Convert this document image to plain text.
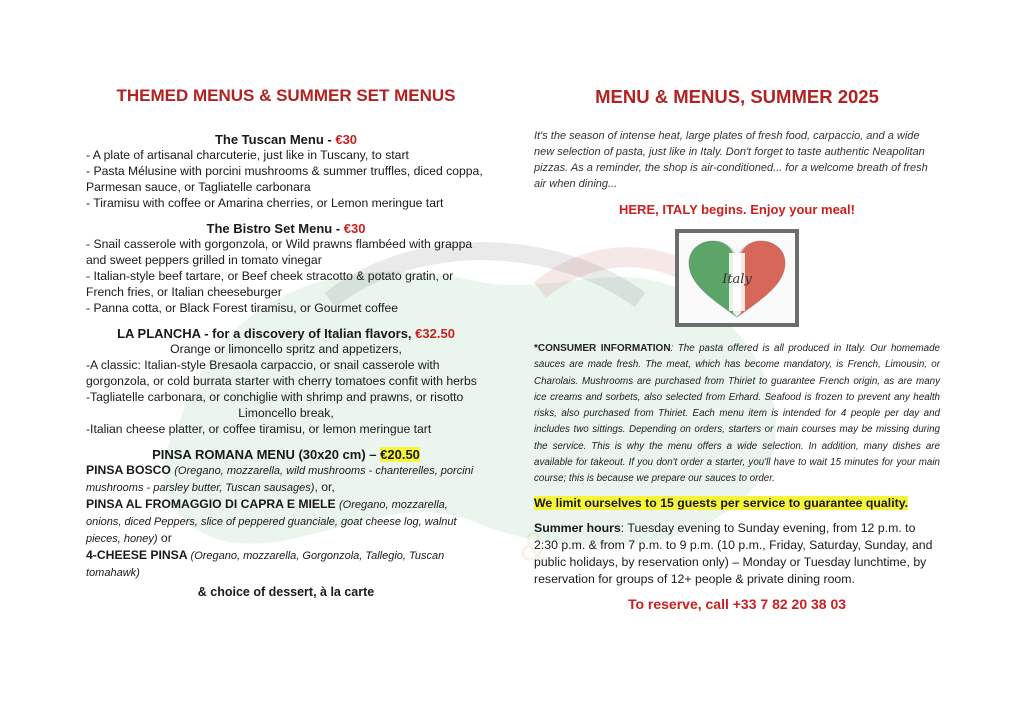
&
THEMED MENUS & SUMMER SET MENUS

The Tuscan Menu - €30

- A plate of artisanal charcuterie, just like in Tuscany, to start

- Pasta Mélusine with porcini mushrooms & summer truffles, diced coppa, Parmesan sauce, or Tagliatelle carbonara

- Tiramisu with coffee or Amarina cherries, or Lemon meringue tart

The Bistro Set Menu - €30

- Snail casserole with gorgonzola, or Wild prawns flambéed with grappa and sweet peppers grilled in tomato vinegar

- Italian-style beef tartare, or Beef cheek stracotto & potato gratin, or French fries, or Italian cheeseburger

- Panna cotta, or Black Forest tiramisu, or Gourmet coffee

LA PLANCHA - for a discovery of Italian flavors, €32.50

Orange or limoncello spritz and appetizers,

-A classic: Italian-style Bresaola carpaccio, or snail casserole with gorgonzola, or cold burrata starter with cherry tomatoes confit with herbs

-Tagliatelle carbonara, or conchiglie with shrimp and prawns, or risotto

Limoncello break,

-Italian cheese platter, or coffee tiramisu, or lemon meringue tart

PINSA ROMANA MENU (30x20 cm) – €20.50

PINSA BOSCO (Oregano, mozzarella, wild mushrooms - chanterelles, porcini mushrooms - parsley butter, Tuscan sausages), or,

PINSA AL FROMAGGIO DI CAPRA E MIELE (Oregano, mozzarella, onions, diced Peppers, slice of peppered guanciale, goat cheese log, walnut pieces, honey) or

4-CHEESE PINSA (Oregano, mozzarella, Gorgonzola, Tallegio, Tuscan tomahawk)

& choice of dessert, à la carte

MENU & MENUS, SUMMER 2025

It's the season of intense heat, large plates of fresh food, carpaccio, and a wide new selection of pasta, just like in Italy. Don't forget to taste authentic Neapolitan pizzas. As a reminder, the shop is air-conditioned... for a welcome breath of fresh air when dining...

HERE, ITALY begins. Enjoy your meal!

Italy

*CONSUMER INFORMATION: The pasta offered is all produced in Italy. Our homemade sauces are made fresh. The meat, which has become mandatory, is French, Limousin, or Charolais. Mushrooms are purchased from Thiriet to guarantee French origin, as are many ice creams and sorbets, also selected from Erhard. Seafood is frozen to prevent any health risks, also purchased from Thiriet. Each menu item is intended for 4 people per day and includes two sittings. Depending on orders, starters or main courses may be missing during the service. This is why the menu offers a wide selection. In addition, many dishes are available for takeout. If you don't order a starter, you'll have to wait 15 minutes for your main course; this is because we prepare our sauces to order.

We limit ourselves to 15 guests per service to guarantee quality.

Summer hours: Tuesday evening to Sunday evening, from 12 p.m. to 2:30 p.m. & from 7 p.m. to 9 p.m. (10 p.m., Friday, Saturday, Sunday, and public holidays, by reservation only) – Monday or Tuesday lunchtime, by reservation for groups of 12+ people & private dining room.

To reserve, call +33 7 82 20 38 03
